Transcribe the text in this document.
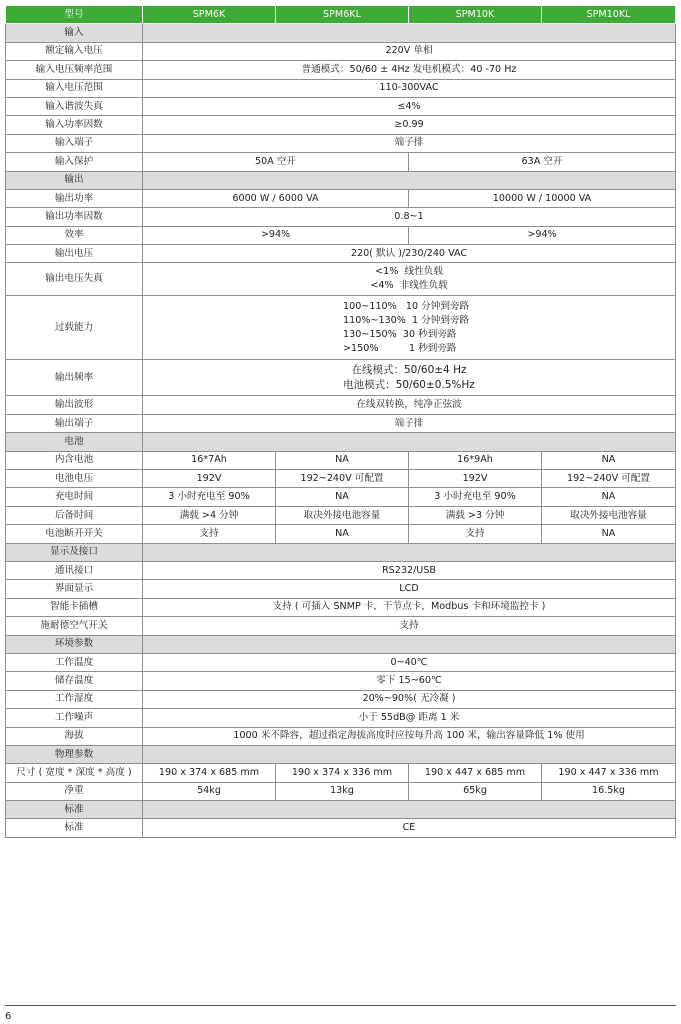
型号	SPM6K	SPM6KL	SPM10K	SPM10KL
输入				
额定输入电压	220V 单相			
输入电压频率范围	普通模式：50/60 ± 4Hz 发电机模式：40 -70 Hz			
输入电压范围	110-300VAC			
输入谐波失真	≤4%			
输入功率因数	≥0.99			
输入端子	端子排			
输入保护	50A 空开		63A 空开	
输出				
输出功率	6000 W / 6000 VA		10000 W / 10000 VA	
输出功率因数	0.8~1			
效率	>94%		>94%	
输出电压	220( 默认 )/230/240 VAC			
输出电压失真	<1%  线性负载
<4%  非线性负载			
过载能力	100~110%   10 分钟到旁路
110%~130%  1 分钟到旁路
130~150%  30 秒到旁路
>150%          1 秒到旁路			
输出频率	在线模式：50/60±4 Hz
电池模式：50/60±0.5%Hz			
输出波形	在线双转换，纯净正弦波			
输出端子	端子排			
电池				
内含电池	16*7Ah	NA	16*9Ah	NA
电池电压	192V	192~240V 可配置	192V	192~240V 可配置
充电时间	3 小时充电至 90%	NA	3 小时充电至 90%	NA
后备时间	满载 >4 分钟	取决外接电池容量	满载 >3 分钟	取决外接电池容量
电池断开开关	支持	NA	支持	NA
显示及接口				
通讯接口	RS232/USB			
界面显示	LCD			
智能卡插槽	支持 ( 可插入 SNMP 卡，干节点卡，Modbus 卡和环境监控卡 )			
施耐德空气开关	支持			
环境参数				
工作温度	0~40℃			
储存温度	零下 15~60℃			
工作湿度	20%~90%( 无冷凝 )			
工作噪声	小于 55dB@ 距离 1 米			
海拔	1000 米不降容，超过指定海拔高度时应按每升高 100 米，输出容量降低 1% 使用			
物理参数				
尺寸 ( 宽度 * 深度 * 高度 )	190 x 374 x 685 mm	190 x 374 x 336 mm	190 x 447 x 685 mm	190 x 447 x 336 mm
净重	54kg	13kg	65kg	16.5kg
标准				
标准	CE			
6
